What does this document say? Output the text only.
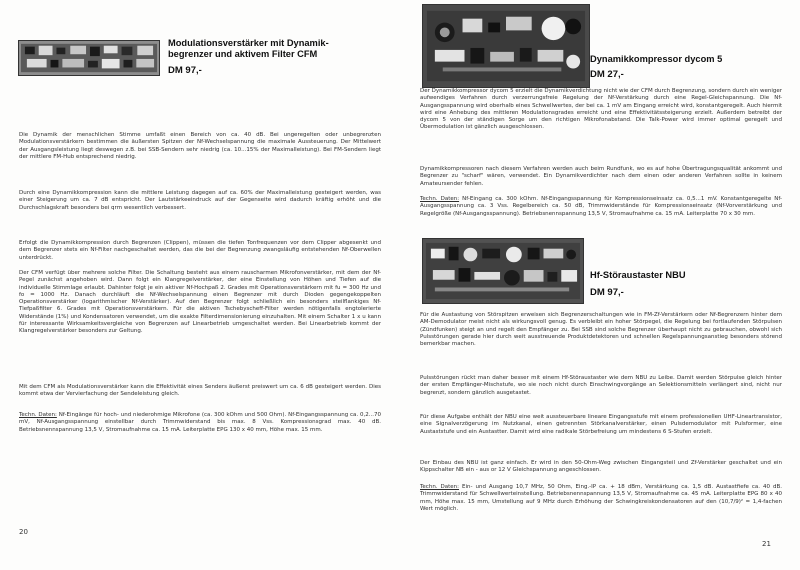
Modulationsverstärker mit Dynamik-
begrenzer und aktivem Filter CFM
DM 97,-
Die Dynamik der menschlichen Stimme umfaßt einen Bereich von ca. 40 dB. Bei ungeregelten oder unbegrenzten Modulationsverstärkern bestimmen die äußersten Spitzen der Nf-Wechselspannung die maximale Aussteuerung. Der Mittelwert der Ausgangsleistung liegt deswegen z.B. bei SSB-Sendern sehr niedrig (ca. 10...15% der Maximalleistung). Bei FM-Sendern liegt der mittlere FM-Hub entsprechend niedrig.
Durch eine Dynamikkompression kann die mittlere Leistung dagegen auf ca. 60% der Maximalleistung gesteigert werden, was einer Steigerung um ca. 7 dB entspricht. Der Lautstärkeeindruck auf der Gegenseite wird dadurch kräftig erhöht und die Durchschlagskraft besonders bei qrm wesentlich verbessert.
Erfolgt die Dynamikkompression durch Begrenzen (Clippen), müssen die tiefen Tonfrequenzen vor dem Clipper abgesenkt und dem Begrenzer stets ein Nf-Filter nachgeschaltet werden, das die bei der Begrenzung zwangsläufig entstehenden Nf-Oberwellen unterdrückt.
Der CFM verfügt über mehrere solche Filter. Die Schaltung besteht aus einem rauscharmen Mikrofonverstärker, mit dem der Nf-Pegel zunächst angehoben wird. Dann folgt ein Klangregelverstärker, der eine Einstellung von Höhen und Tiefen auf die individuelle Stimmlage erlaubt. Dahinter folgt je ein aktiver Nf-Hochpaß 2. Grades mit Operationsverstärkern mit fu = 300 Hz und fo = 1000 Hz. Danach durchläuft die Nf-Wechselspannung einen Begrenzer mit durch Dioden gegengekoppelten Operationsverstärker (logarithmischer Nf-Verstärker). Auf den Begrenzer folgt schließlich ein besonders steilflankiges Nf-Tiefpaßfilter 6. Grades mit Operationsverstärkern. Für die aktiven Tschebyscheff-Filter werden nötigenfalls engtolerierte Widerstände (1%) und Kondensatoren verwendet, um die exakte Filterdimensionierung einzuhalten. Mit einem Schalter 1 x u kann für interessante Wirksamkeitsvergleiche von Begrenzen auf Linearbetrieb umgeschaltet werden. Bei Linearbetrieb kommt der Klangregelverstärker besonders zur Geltung.
Mit dem CFM als Modulationsverstärker kann die Effektivität eines Senders äußerst preiswert um ca. 6 dB gesteigert werden. Dies kommt etwa der Vervierfachung der Sendeleistung gleich.
Techn. Daten: Nf-Eingänge für hoch- und niederohmige Mikrofone (ca. 300 kOhm und 500 Ohm). Nf-Eingangsspannung ca. 0,2...70 mV, Nf-Ausgangsspannung einstellbar durch Trimmwiderstand bis max. 8 Vss. Kompressionsgrad max. 40 dB. Betriebsnennspannung 13,5 V, Stromaufnahme ca. 15 mA. Leiterplatte EPG 130 x 40 mm, Höhe max. 15 mm.
20
Dynamikkompressor dycom 5
DM 27,-
Der Dynamikkompressor dycom 5 erzielt die Dynamikverdichtung nicht wie der CFM durch Begrenzung, sondern durch ein weniger aufwendiges Verfahren durch verzerrungsfreie Regelung der Nf-Verstärkung durch eine Regel-Gleichspannung. Die Nf-Ausgangsspannung wird oberhalb eines Schwellwertes, der bei ca. 1 mV am Eingang erreicht wird, konstantgeregelt. Auch hiermit wird eine Anhebung des mittleren Modulationsgrades erreicht und eine Effektivitätssteigerung erzielt. Außerdem betreibt der dycom 5 von der ständigen Sorge um den richtigen Mikrofonabstand. Die Talk-Power wird immer optimal geregelt und Übermodulation ist gänzlich ausgeschlossen.
Dynamikkompressoren nach diesem Verfahren werden auch beim Rundfunk, wo es auf hohe Übertragungsqualität ankommt und Begrenzer zu "scharf" wären, verwendet. Ein Dynamikverdichter nach dem einen oder anderen Verfahren sollte in keinem Amateursender fehlen.
Techn. Daten: Nf-Eingang ca. 300 kOhm. Nf-Eingangsspannung für Kompressionseinsatz ca. 0,5...1 mV. Konstantgeregelte Nf-Ausgangsspannung ca. 3 Vss. Regelbereich ca. 50 dB, Trimmwiderstände für Kompressionseinsatz (Nf-Vorverstärkung und Regelgröße (Nf-Ausgangsspannung). Betriebsnennspannung 13,5 V, Stromaufnahme ca. 15 mA. Leiterplatte 70 x 30 mm.
Hf-Störaustaster NBU
DM 97,-
Für die Austastung von Störspitzen erweisen sich Begrenzerschaltungen wie in FM-Zf-Verstärkern oder Nf-Begrenzern hinter dem AM-Demodulator meist nicht als wirkungsvoll genug. Es verbleibt ein hoher Störpegel, die Regelung bei fortlaufenden Störpulsen (Zündfunken) steigt an und regelt den Empfänger zu. Bei SSB sind solche Begrenzer überhaupt nicht zu gebrauchen, obwohl sich Pulsstörungen gerade hier durch weit ausstreuende Produktdetektoren und schnellen Regelspannungsanstieg besonders störend bemerkbar machen.
Pulsstörungen rückt man daher besser mit einem Hf-Störaustaster wie dem NBU zu Leibe. Damit werden Störpulse gleich hinter der ersten Empfänger-Mischstufe, wo sie noch nicht durch Einschwingvorgänge an Selektionsmitteln verlängert sind, nicht nur begrenzt, sondern gänzlich ausgetastet.
Für diese Aufgabe enthält der NBU eine weit aussteuerbare lineare Eingangsstufe mit einem professionellen UHF-Lineartransistor, eine Signalverzögerung im Nutzkanal, einen getrennten Störkanalverstärker, einen Pulsdemodulator mit Pulsformer, eine Austaststufe und ein Austastter. Damit wird eine radikale Störbefreiung um mindestens 6 S-Stufen erzielt.
Der Einbau des NBU ist ganz einfach. Er wird in den 50-Ohm-Weg zwischen Eingangsteil und Zf-Verstärker geschaltet und ein Kippschalter NB ein - aus or 12 V Gleichspannung angeschlossen.
Techn. Daten: Ein- und Ausgang 10,7 MHz, 50 Ohm, Eing.-IP ca. + 18 dBm, Verstärkung ca. 1,5 dB. Austastfiefe ca. 40 dB. Trimmwiderstand für Schwellwerteinstellung. Betriebsnennspannung 13,5 V, Stromaufnahme ca. 45 mA. Leiterplatte EPG 80 x 40 mm, Höhe max. 15 mm, Umstellung auf 9 MHz durch Erhöhung der Schwingkreiskondensatoren auf den (10,7/9)² = 1,4-fachen Wert möglich.
21
